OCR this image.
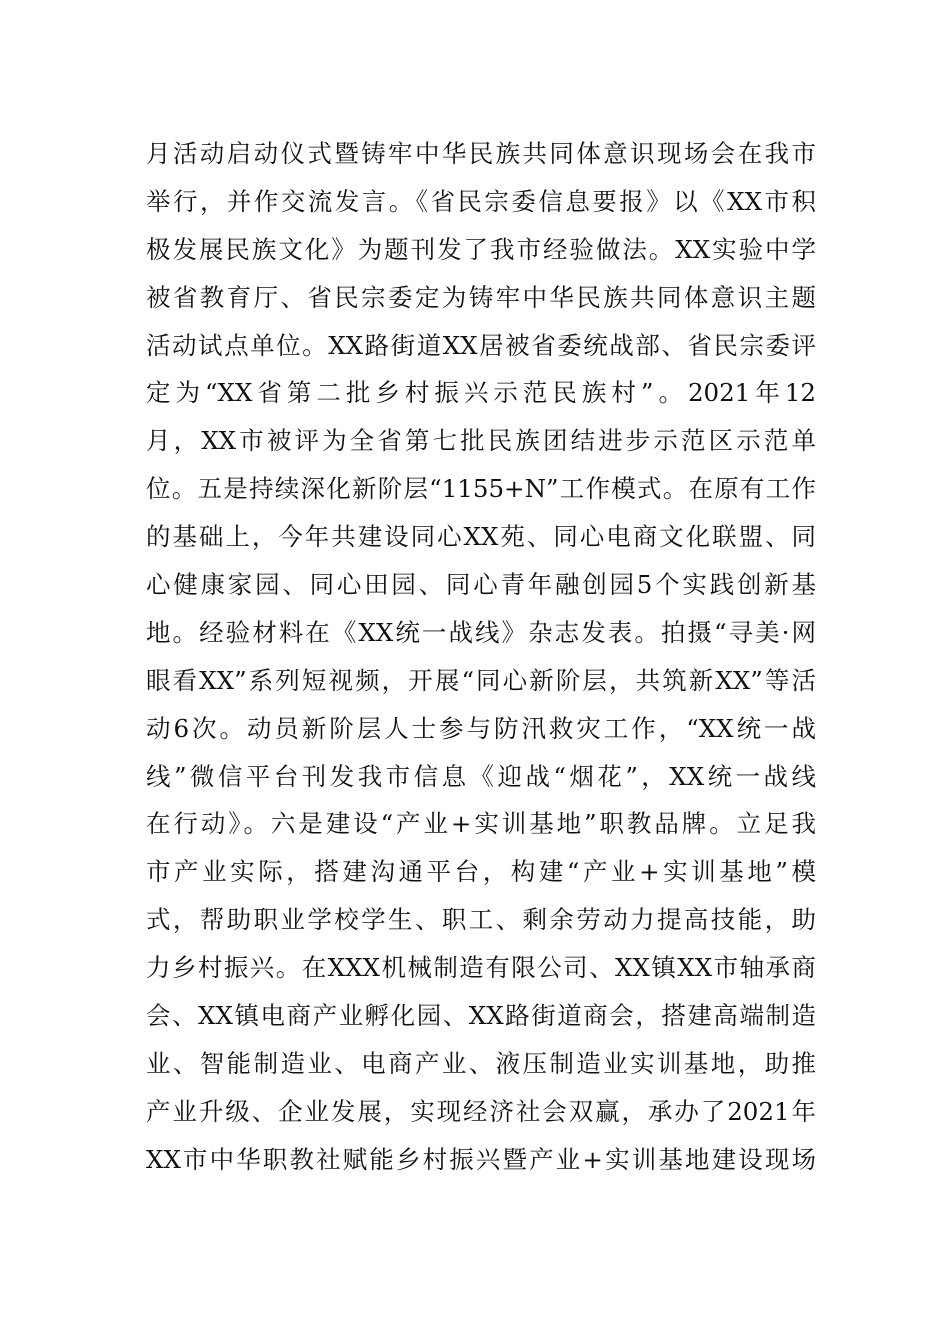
月活动启动仪式暨铸牢中华民族共同体意识现场会在我市
举行，并作交流发言。《省民宗委信息要报》以《XX市积
极发展民族文化》为题刊发了我市经验做法。XX实验中学
被省教育厅、省民宗委定为铸牢中华民族共同体意识主题
活动试点单位。XX路街道XX居被省委统战部、省民宗委评
定为“XX省第二批乡村振兴示范民族村”。2021年12
月，XX市被评为全省第七批民族团结进步示范区示范单
位。五是持续深化新阶层“1155+N”工作模式。在原有工作
的基础上，今年共建设同心XX苑、同心电商文化联盟、同
心健康家园、同心田园、同心青年融创园5个实践创新基
地。经验材料在《XX统一战线》杂志发表。拍摄“寻美·网
眼看XX”系列短视频，开展“同心新阶层，共筑新XX”等活
动6次。动员新阶层人士参与防汛救灾工作，“XX统一战
线”微信平台刊发我市信息《迎战“烟花”，XX统一战线
在行动》。六是建设“产业+实训基地”职教品牌。立足我
市产业实际，搭建沟通平台，构建“产业+实训基地”模
式，帮助职业学校学生、职工、剩余劳动力提高技能，助
力乡村振兴。在XXX机械制造有限公司、XX镇XX市轴承商
会、XX镇电商产业孵化园、XX路街道商会，搭建高端制造
业、智能制造业、电商产业、液压制造业实训基地，助推
产业升级、企业发展，实现经济社会双赢，承办了2021年
XX市中华职教社赋能乡村振兴暨产业+实训基地建设现场
